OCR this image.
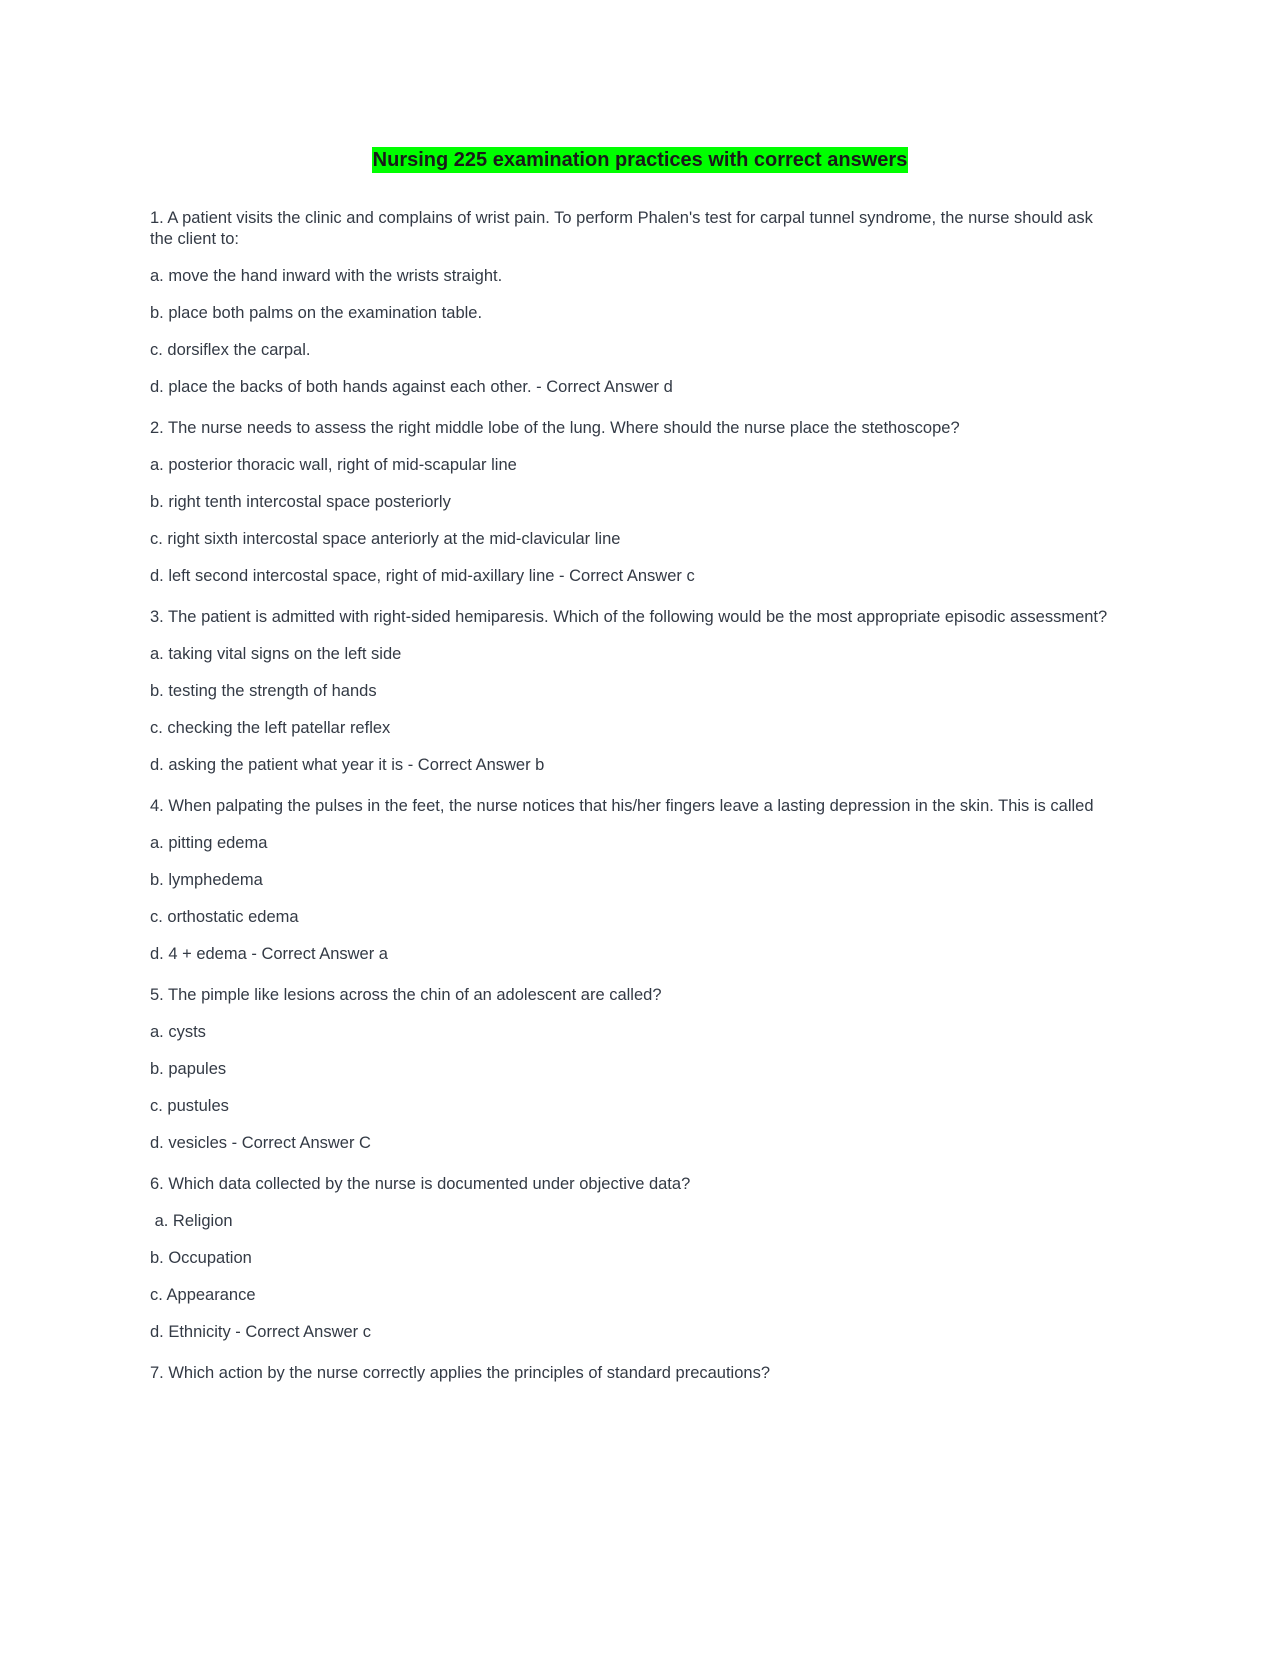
Nursing 225 examination practices with correct answers
1. A patient visits the clinic and complains of wrist pain. To perform Phalen's test for carpal tunnel syndrome, the nurse should ask the client to:
a. move the hand inward with the wrists straight.
b. place both palms on the examination table.
c. dorsiflex the carpal.
d. place the backs of both hands against each other. - Correct Answer d
2. The nurse needs to assess the right middle lobe of the lung. Where should the nurse place the stethoscope?
a. posterior thoracic wall, right of mid-scapular line
b. right tenth intercostal space posteriorly
c. right sixth intercostal space anteriorly at the mid-clavicular line
d. left second intercostal space, right of mid-axillary line - Correct Answer c
3. The patient is admitted with right-sided hemiparesis. Which of the following would be the most appropriate episodic assessment?
a. taking vital signs on the left side
b. testing the strength of hands
c. checking the left patellar reflex
d. asking the patient what year it is - Correct Answer b
4. When palpating the pulses in the feet, the nurse notices that his/her fingers leave a lasting depression in the skin. This is called
a. pitting edema
b. lymphedema
c. orthostatic edema
d. 4 + edema - Correct Answer a
5. The pimple like lesions across the chin of an adolescent are called?
a. cysts
b. papules
c. pustules
d. vesicles - Correct Answer C
6. Which data collected by the nurse is documented under objective data?
a. Religion
b. Occupation
c. Appearance
d. Ethnicity - Correct Answer c
7. Which action by the nurse correctly applies the principles of standard precautions?
